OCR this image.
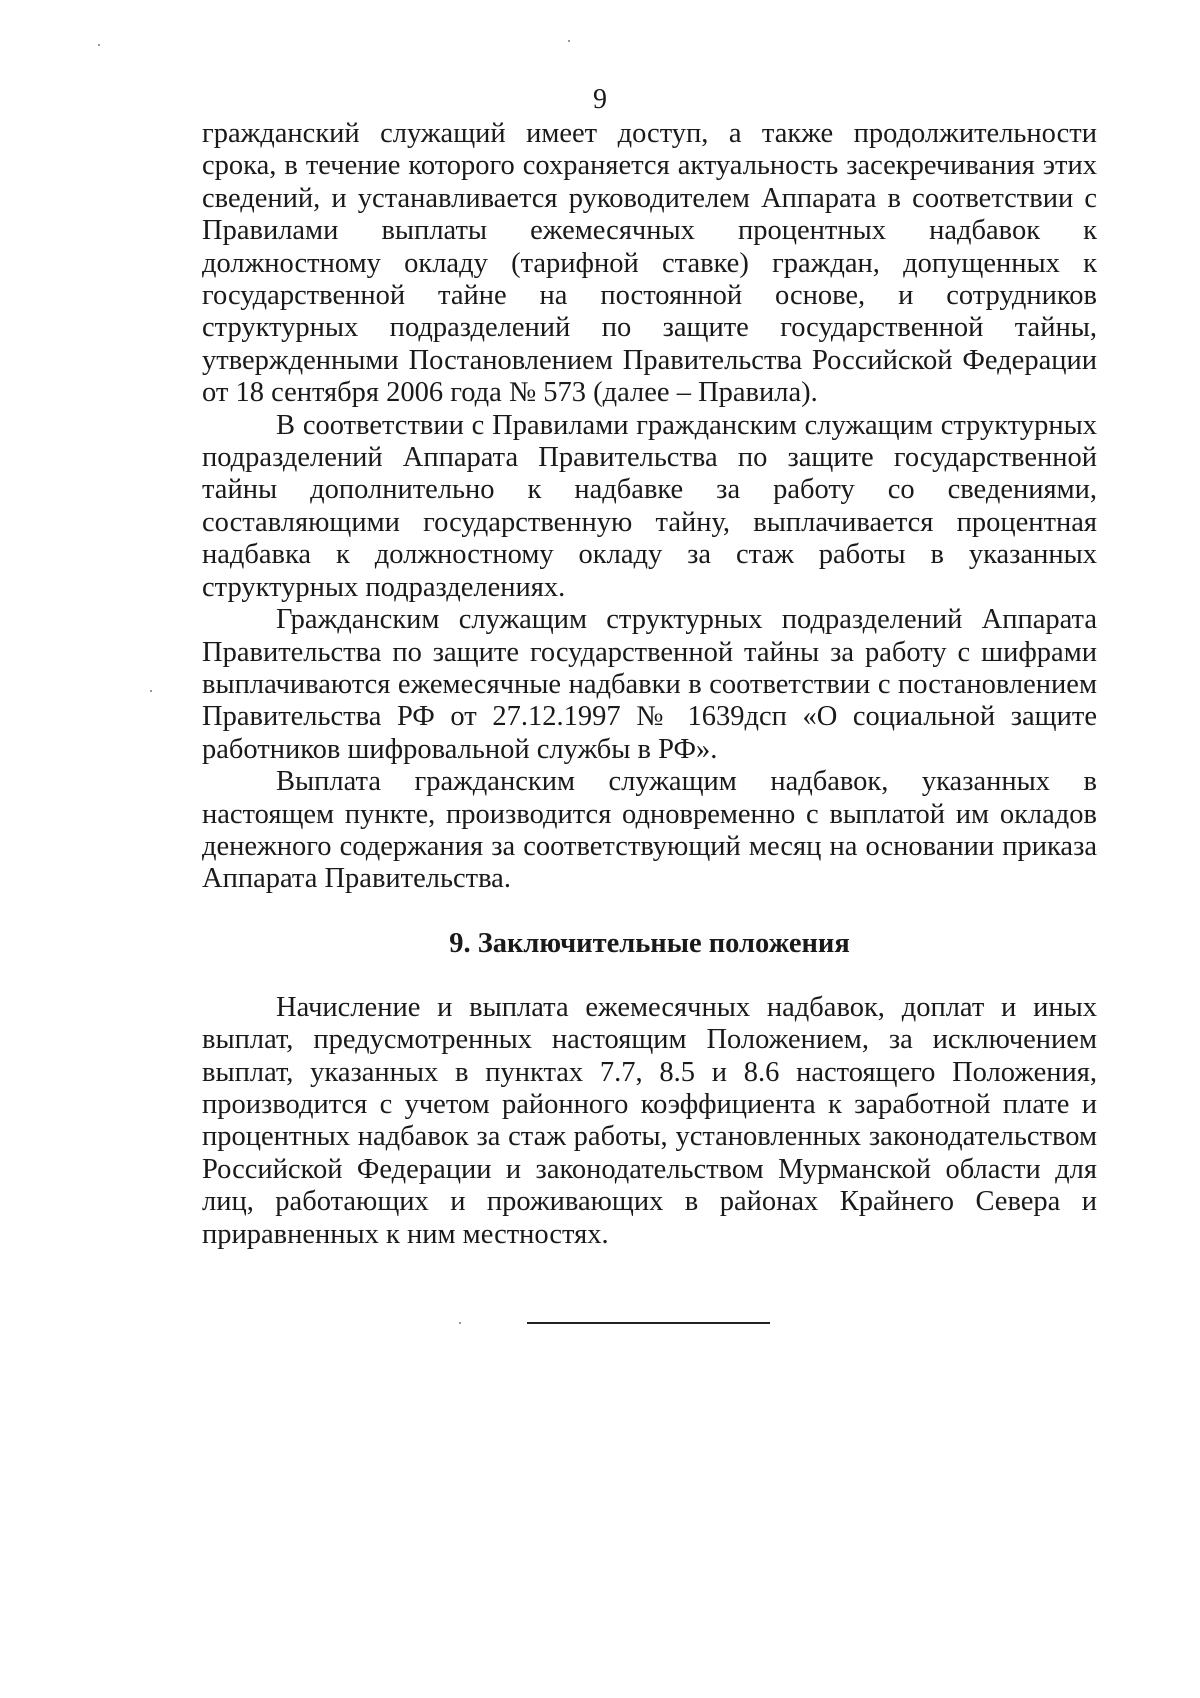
9

гражданский служащий имеет доступ, а также продолжительности срока, в течение которого сохраняется актуальность засекречивания этих сведений, и устанавливается руководителем Аппарата в соответствии с Правилами выплаты ежемесячных процентных надбавок к должностному окладу (тарифной ставке) граждан, допущенных к государственной тайне на постоянной основе, и сотрудников структурных подразделений по защите государственной тайны, утвержденными Постановлением Правительства Российской Федерации от 18 сентября 2006 года № 573 (далее – Правила).

В соответствии с Правилами гражданским служащим структурных подразделений Аппарата Правительства по защите государственной тайны дополнительно к надбавке за работу со сведениями, составляющими государственную тайну, выплачивается процентная надбавка к должностному окладу за стаж работы в указанных структурных подразделениях.

Гражданским служащим структурных подразделений Аппарата Правительства по защите государственной тайны за работу с шифрами выплачиваются ежемесячные надбавки в соответствии с постановлением Правительства РФ от 27.12.1997 № 1639дсп «О социальной защите работников шифровальной службы в РФ».

Выплата гражданским служащим надбавок, указанных в настоящем пункте, производится одновременно с выплатой им окладов денежного содержания за соответствующий месяц на основании приказа Аппарата Правительства.

9. Заключительные положения

Начисление и выплата ежемесячных надбавок, доплат и иных выплат, предусмотренных настоящим Положением, за исключением выплат, указанных в пунктах 7.7, 8.5 и 8.6 настоящего Положения, производится с учетом районного коэффициента к заработной плате и процентных надбавок за стаж работы, установленных законодательством Российской Федерации и законодательством Мурманской области для лиц, работающих и проживающих в районах Крайнего Севера и приравненных к ним местностях.
